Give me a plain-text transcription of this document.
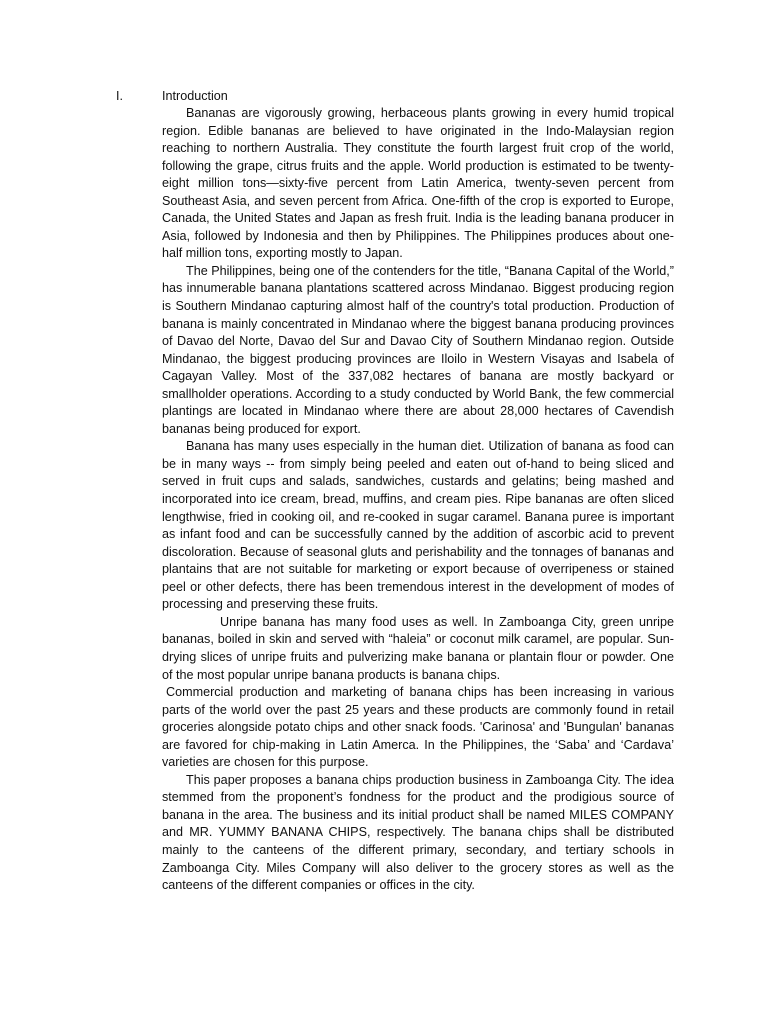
I.	Introduction

Bananas are vigorously growing, herbaceous plants growing in every humid tropical region. Edible bananas are believed to have originated in the Indo-Malaysian region reaching to northern Australia. They constitute the fourth largest fruit crop of the world, following the grape, citrus fruits and the apple. World production is estimated to be twenty-eight million tons—sixty-five percent from Latin America, twenty-seven percent from Southeast Asia, and seven percent from Africa. One-fifth of the crop is exported to Europe, Canada, the United States and Japan as fresh fruit. India is the leading banana producer in Asia, followed by Indonesia and then by Philippines. The Philippines produces about one-half million tons, exporting mostly to Japan.

The Philippines, being one of the contenders for the title, “Banana Capital of the World,” has innumerable banana plantations scattered across Mindanao. Biggest producing region is Southern Mindanao capturing almost half of the country's total production. Production of banana is mainly concentrated in Mindanao where the biggest banana producing provinces of Davao del Norte, Davao del Sur and Davao City of Southern Mindanao region. Outside Mindanao, the biggest producing provinces are Iloilo in Western Visayas and Isabela of Cagayan Valley. Most of the 337,082 hectares of banana are mostly backyard or smallholder operations. According to a study conducted by World Bank, the few commercial plantings are located in Mindanao where there are about 28,000 hectares of Cavendish bananas being produced for export.

Banana has many uses especially in the human diet. Utilization of banana as food can be in many ways -- from simply being peeled and eaten out of-hand to being sliced and served in fruit cups and salads, sandwiches, custards and gelatins; being mashed and incorporated into ice cream, bread, muffins, and cream pies. Ripe bananas are often sliced lengthwise, fried in cooking oil, and re-cooked in sugar caramel. Banana puree is important as infant food and can be successfully canned by the addition of ascorbic acid to prevent discoloration. Because of seasonal gluts and perishability and the tonnages of bananas and plantains that are not suitable for marketing or export because of overripeness or stained peel or other defects, there has been tremendous interest in the development of modes of processing and preserving these fruits.

Unripe banana has many food uses as well. In Zamboanga City, green unripe bananas, boiled in skin and served with “haleia” or coconut milk caramel, are popular. Sun-drying slices of unripe fruits and pulverizing make banana or plantain flour or powder. One of the most popular unripe banana products is banana chips.

Commercial production and marketing of banana chips has been increasing in various parts of the world over the past 25 years and these products are commonly found in retail groceries alongside potato chips and other snack foods. 'Carinosa' and 'Bungulan' bananas are favored for chip-making in Latin Amerca. In the Philippines, the ‘Saba’ and ‘Cardava’ varieties are chosen for this purpose.

This paper proposes a banana chips production business in Zamboanga City. The idea stemmed from the proponent’s fondness for the product and the prodigious source of banana in the area. The business and its initial product shall be named MILES COMPANY and MR. YUMMY BANANA CHIPS, respectively. The banana chips shall be distributed mainly to the canteens of the different primary, secondary, and tertiary schools in Zamboanga City. Miles Company will also deliver to the grocery stores as well as the canteens of the different companies or offices in the city.
